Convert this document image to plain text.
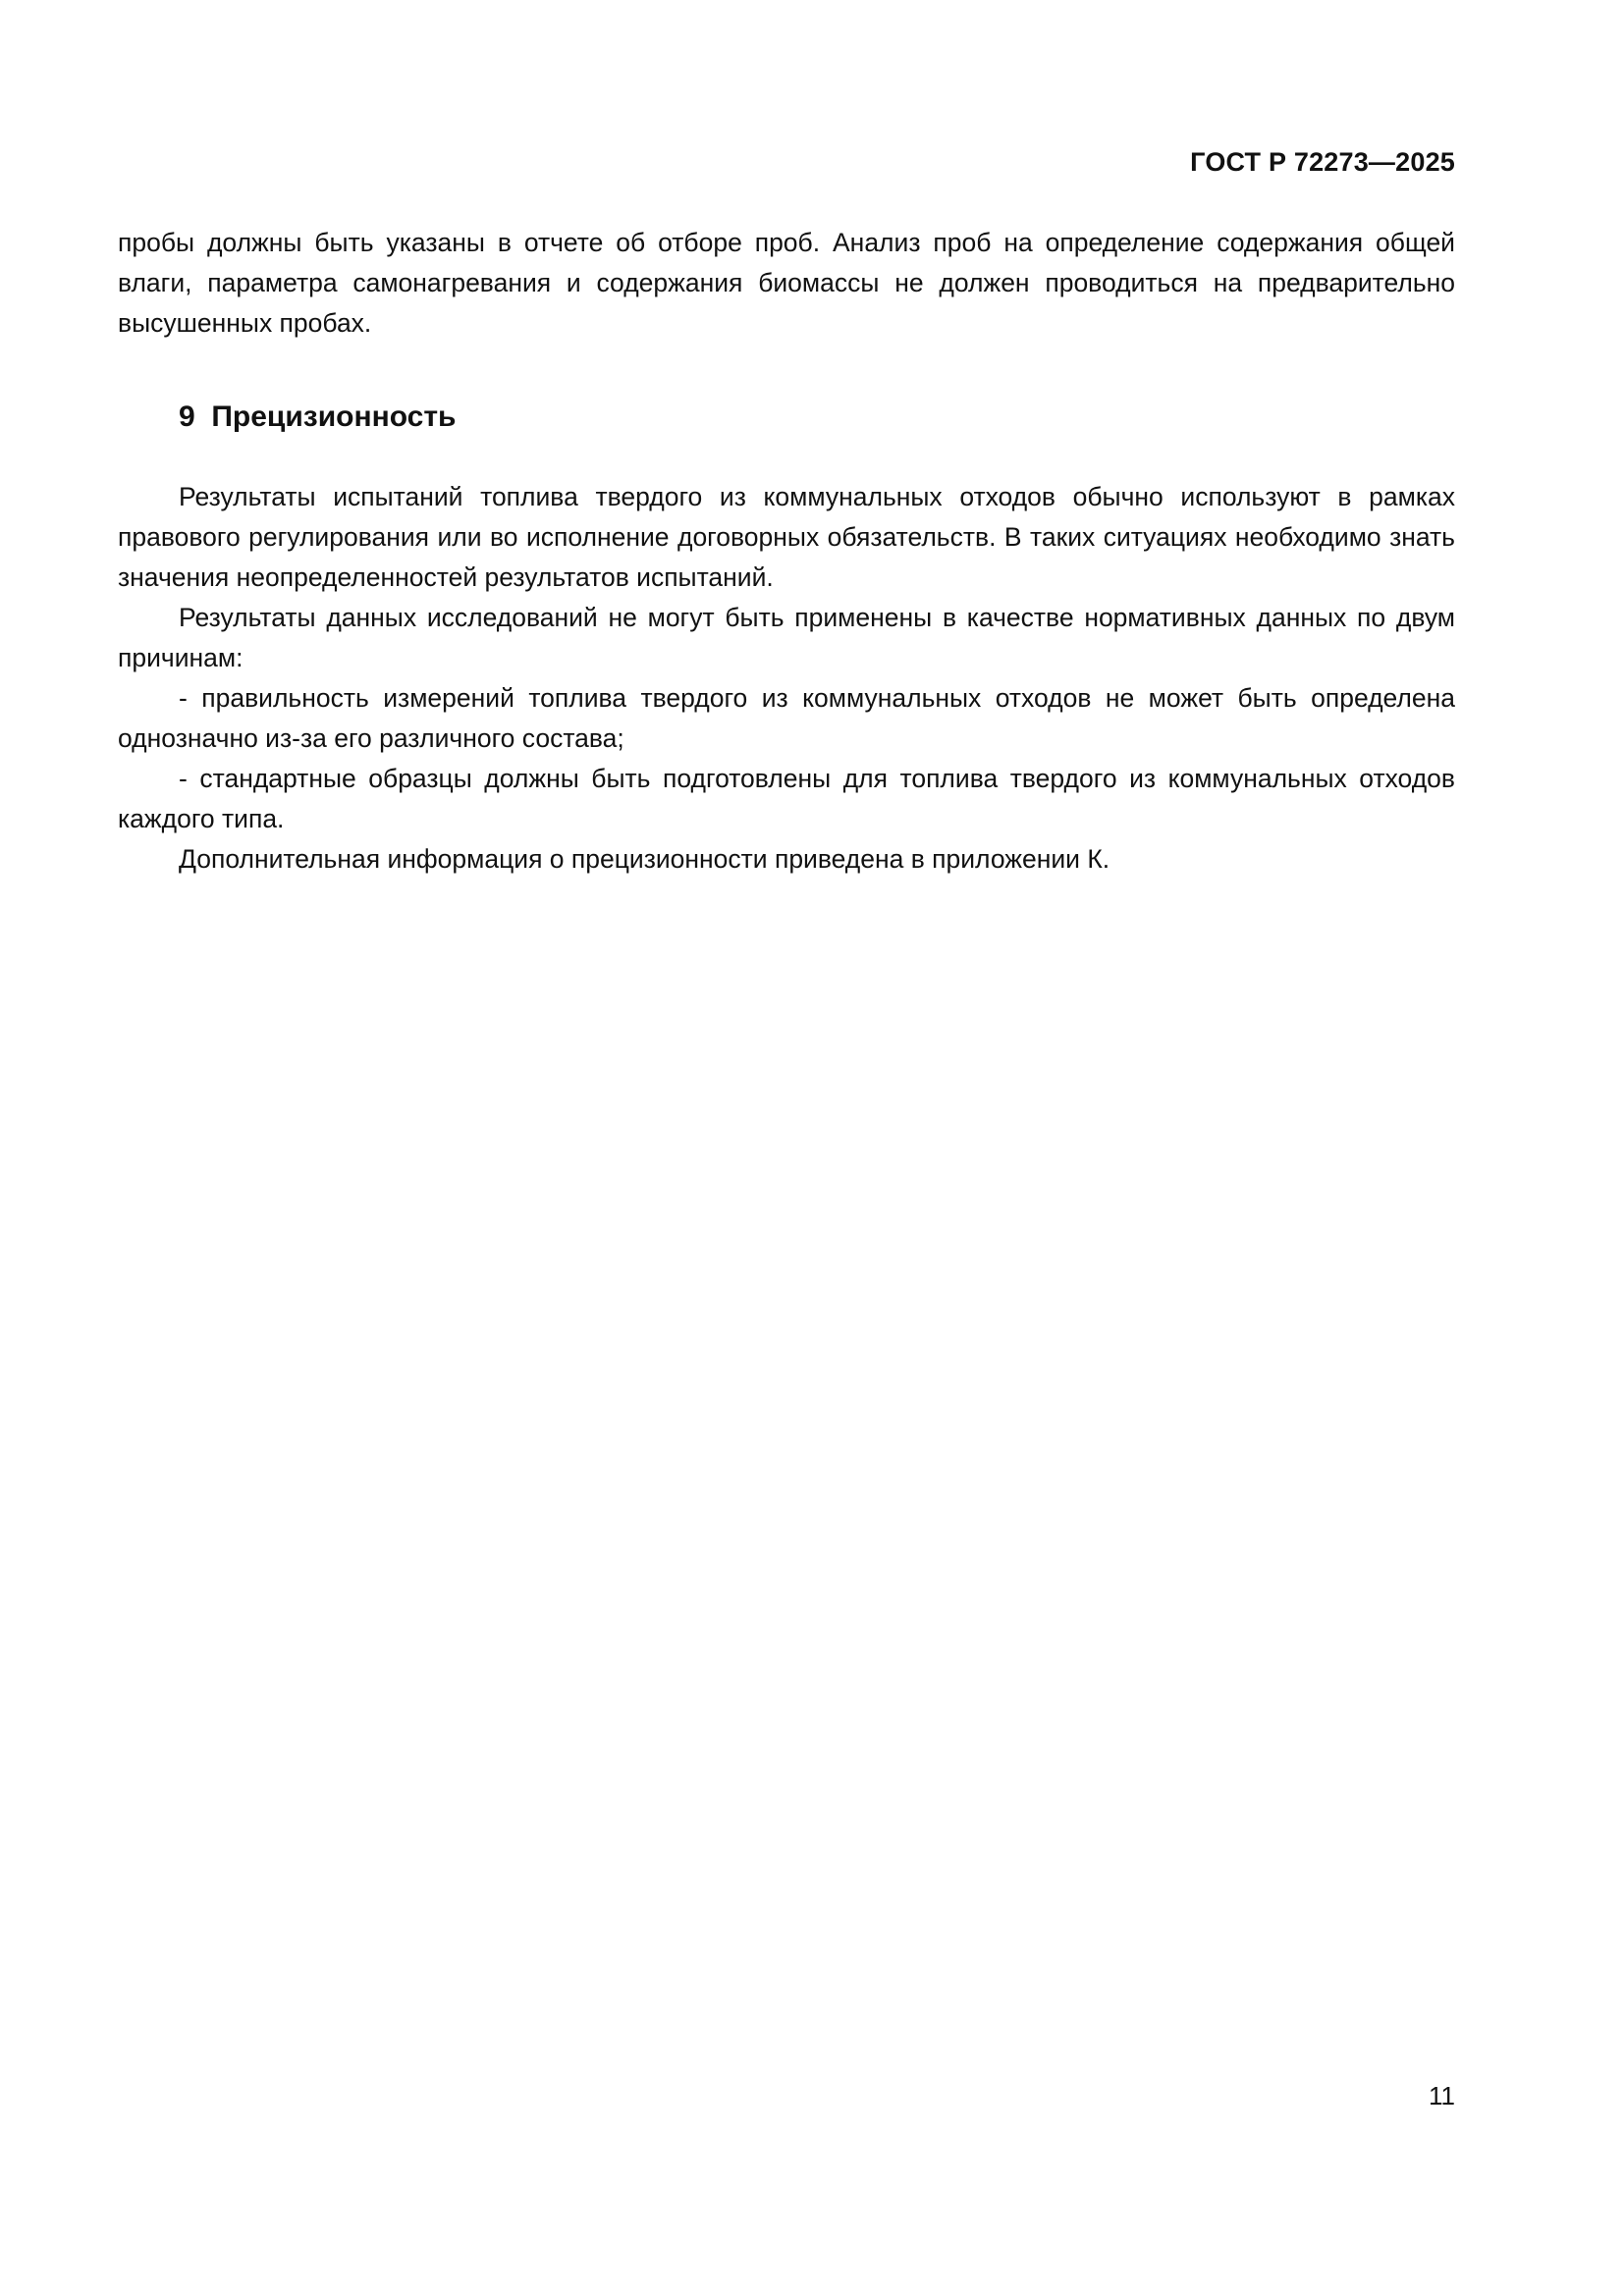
ГОСТ Р 72273—2025

пробы должны быть указаны в отчете об отборе проб. Анализ проб на определение содержания общей влаги, параметра самонагревания и содержания биомассы не должен проводиться на предварительно высушенных пробах.

9  Прецизионность

Результаты испытаний топлива твердого из коммунальных отходов обычно используют в рамках правового регулирования или во исполнение договорных обязательств. В таких ситуациях необходимо знать значения неопределенностей результатов испытаний.

Результаты данных исследований не могут быть применены в качестве нормативных данных по двум причинам:

- правильность измерений топлива твердого из коммунальных отходов не может быть определена однозначно из-за его различного состава;

- стандартные образцы должны быть подготовлены для топлива твердого из коммунальных отходов каждого типа.

Дополнительная информация о прецизионности приведена в приложении К.

11
